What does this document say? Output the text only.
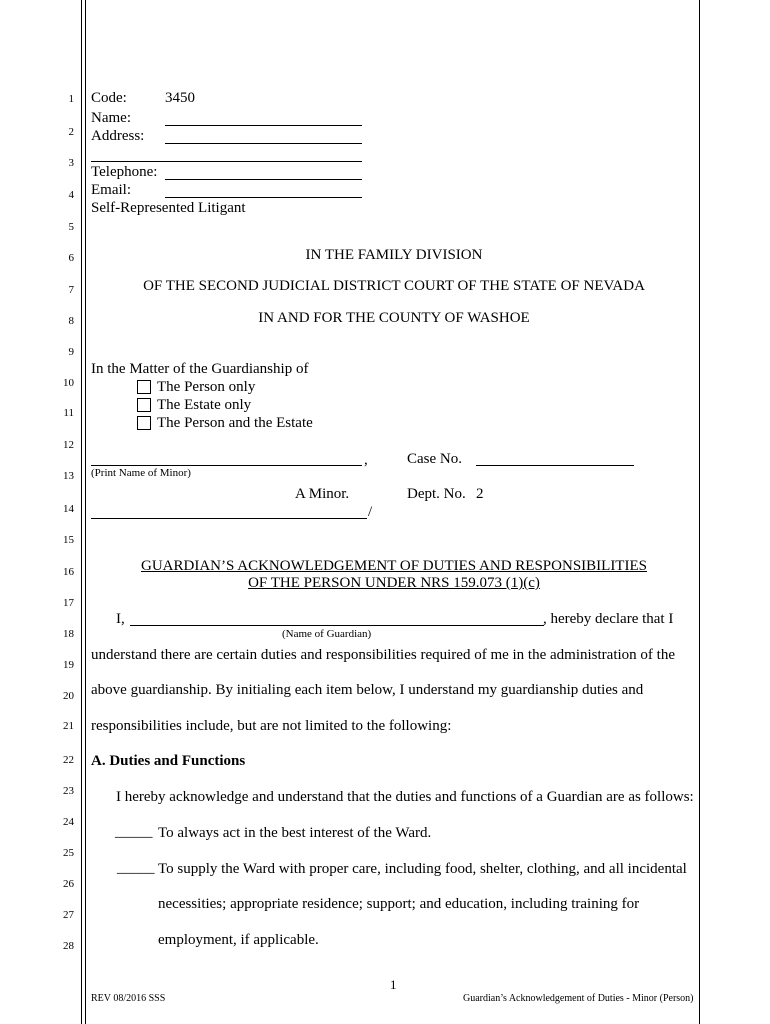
1
2
3
4
5
6
7
8
9
10
11
12
13
14
15
16
17
18
19
20
21
22
23
24
25
26
27
28
Code:	3450
Name:
Address:
Telephone:
Email:
Self-Represented Litigant
IN THE FAMILY DIVISION
OF THE SECOND JUDICIAL DISTRICT COURT OF THE STATE OF NEVADA
IN AND FOR THE COUNTY OF WASHOE
In the Matter of the Guardianship of
The Person only
The Estate only
The Person and the Estate
,
(Print Name of Minor)
Case No.
A Minor.	Dept. No. 2
/
GUARDIAN’S ACKNOWLEDGEMENT OF DUTIES AND RESPONSIBILITIES
OF THE PERSON UNDER NRS 159.073 (1)(c)
I,	, hereby declare that I
(Name of Guardian)
understand there are certain duties and responsibilities required of me in the administration of the
above guardianship. By initialing each item below, I understand my guardianship duties and
responsibilities include, but are not limited to the following:
A. Duties and Functions
I hereby acknowledge and understand that the duties and functions of a Guardian are as follows:
_____ To always act in the best interest of the Ward.
_____ To supply the Ward with proper care, including food, shelter, clothing, and all incidental
necessities; appropriate residence; support; and education, including training for
employment, if applicable.
1
REV 08/2016 SSS	Guardian’s Acknowledgement of Duties - Minor (Person)
